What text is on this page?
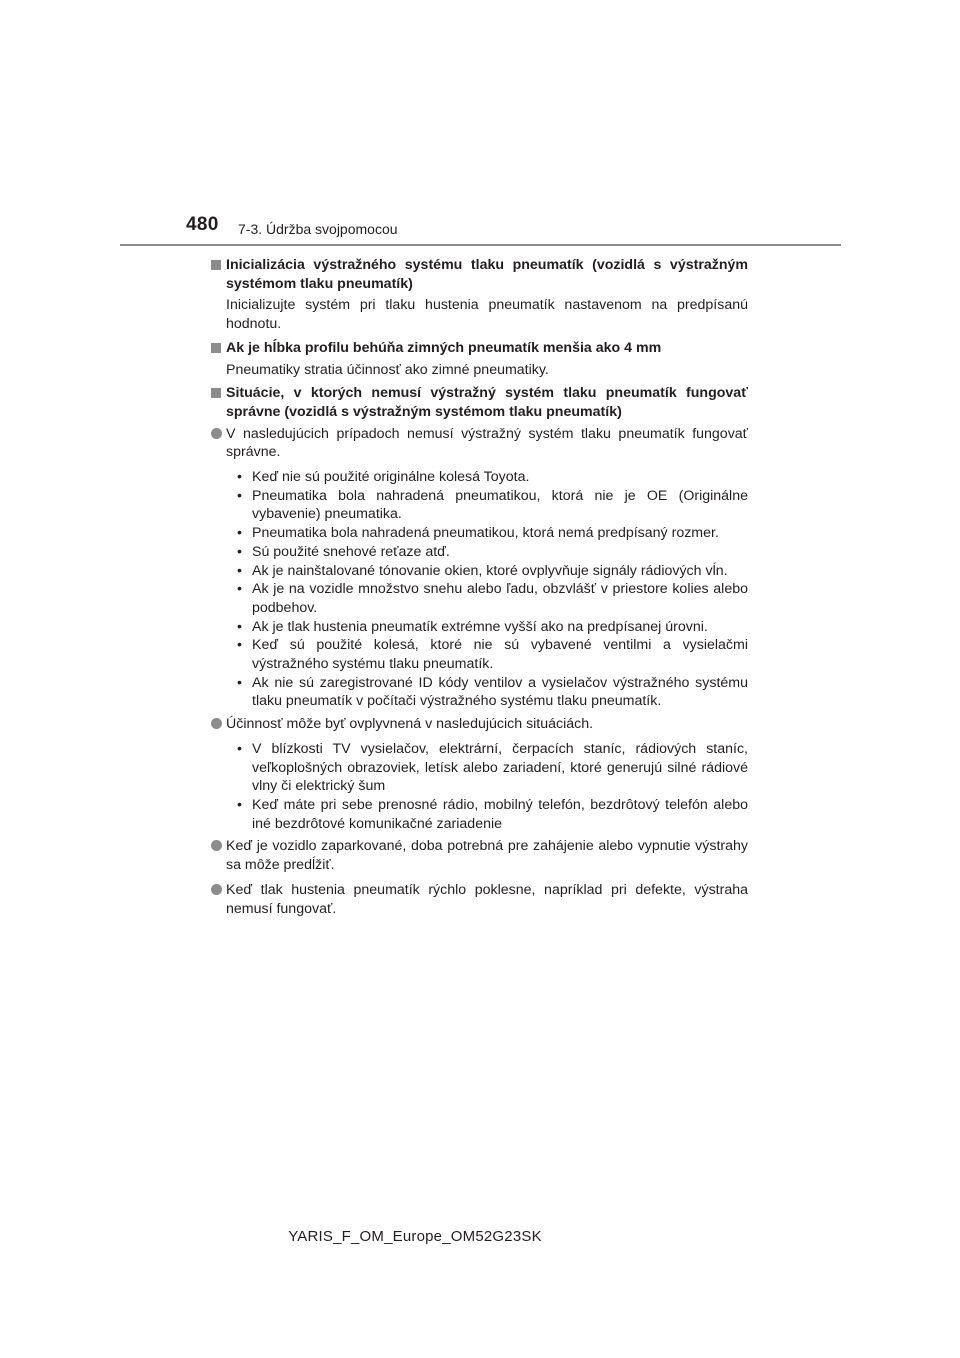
480 7-3. Údržba svojpomocou
Inicializácia výstražného systému tlaku pneumatík (vozidlá s výstražným systémom tlaku pneumatík)
Inicializujte systém pri tlaku hustenia pneumatík nastavenom na predpísanú hodnotu.
Ak je hĺbka profilu behúňa zimných pneumatík menšia ako 4 mm
Pneumatiky stratia účinnosť ako zimné pneumatiky.
Situácie, v ktorých nemusí výstražný systém tlaku pneumatík fungovať správne (vozidlá s výstražným systémom tlaku pneumatík)
V nasledujúcich prípadoch nemusí výstražný systém tlaku pneumatík fungovať správne.
• Keď nie sú použité originálne kolesá Toyota.
• Pneumatika bola nahradená pneumatikou, ktorá nie je OE (Originálne vybavenie) pneumatika.
• Pneumatika bola nahradená pneumatikou, ktorá nemá predpísaný rozmer.
• Sú použité snehové reťaze atď.
• Ak je nainštalované tónovanie okien, ktoré ovplyvňuje signály rádiových vĺn.
• Ak je na vozidle množstvo snehu alebo ľadu, obzvlášť v priestore kolies alebo podbehov.
• Ak je tlak hustenia pneumatík extrémne vyšší ako na predpísanej úrovni.
• Keď sú použité kolesá, ktoré nie sú vybavené ventilmi a vysielačmi výstražného systému tlaku pneumatík.
• Ak nie sú zaregistrované ID kódy ventilov a vysielačov výstražného systému tlaku pneumatík v počítači výstražného systému tlaku pneumatík.
Účinnosť môže byť ovplyvnená v nasledujúcich situáciách.
• V blízkosti TV vysielačov, elektrární, čerpacích staníc, rádiových staníc, veľkoplošných obrazoviek, letísk alebo zariadení, ktoré generujú silné rádiové vlny či elektrický šum
• Keď máte pri sebe prenosné rádio, mobilný telefón, bezdrôtový telefón alebo iné bezdrôtové komunikačné zariadenie
Keď je vozidlo zaparkované, doba potrebná pre zahájenie alebo vypnutie výstrahy sa môže predĺžiť.
Keď tlak hustenia pneumatík rýchlo poklesne, napríklad pri defekte, výstraha nemusí fungovať.
YARIS_F_OM_Europe_OM52G23SK
